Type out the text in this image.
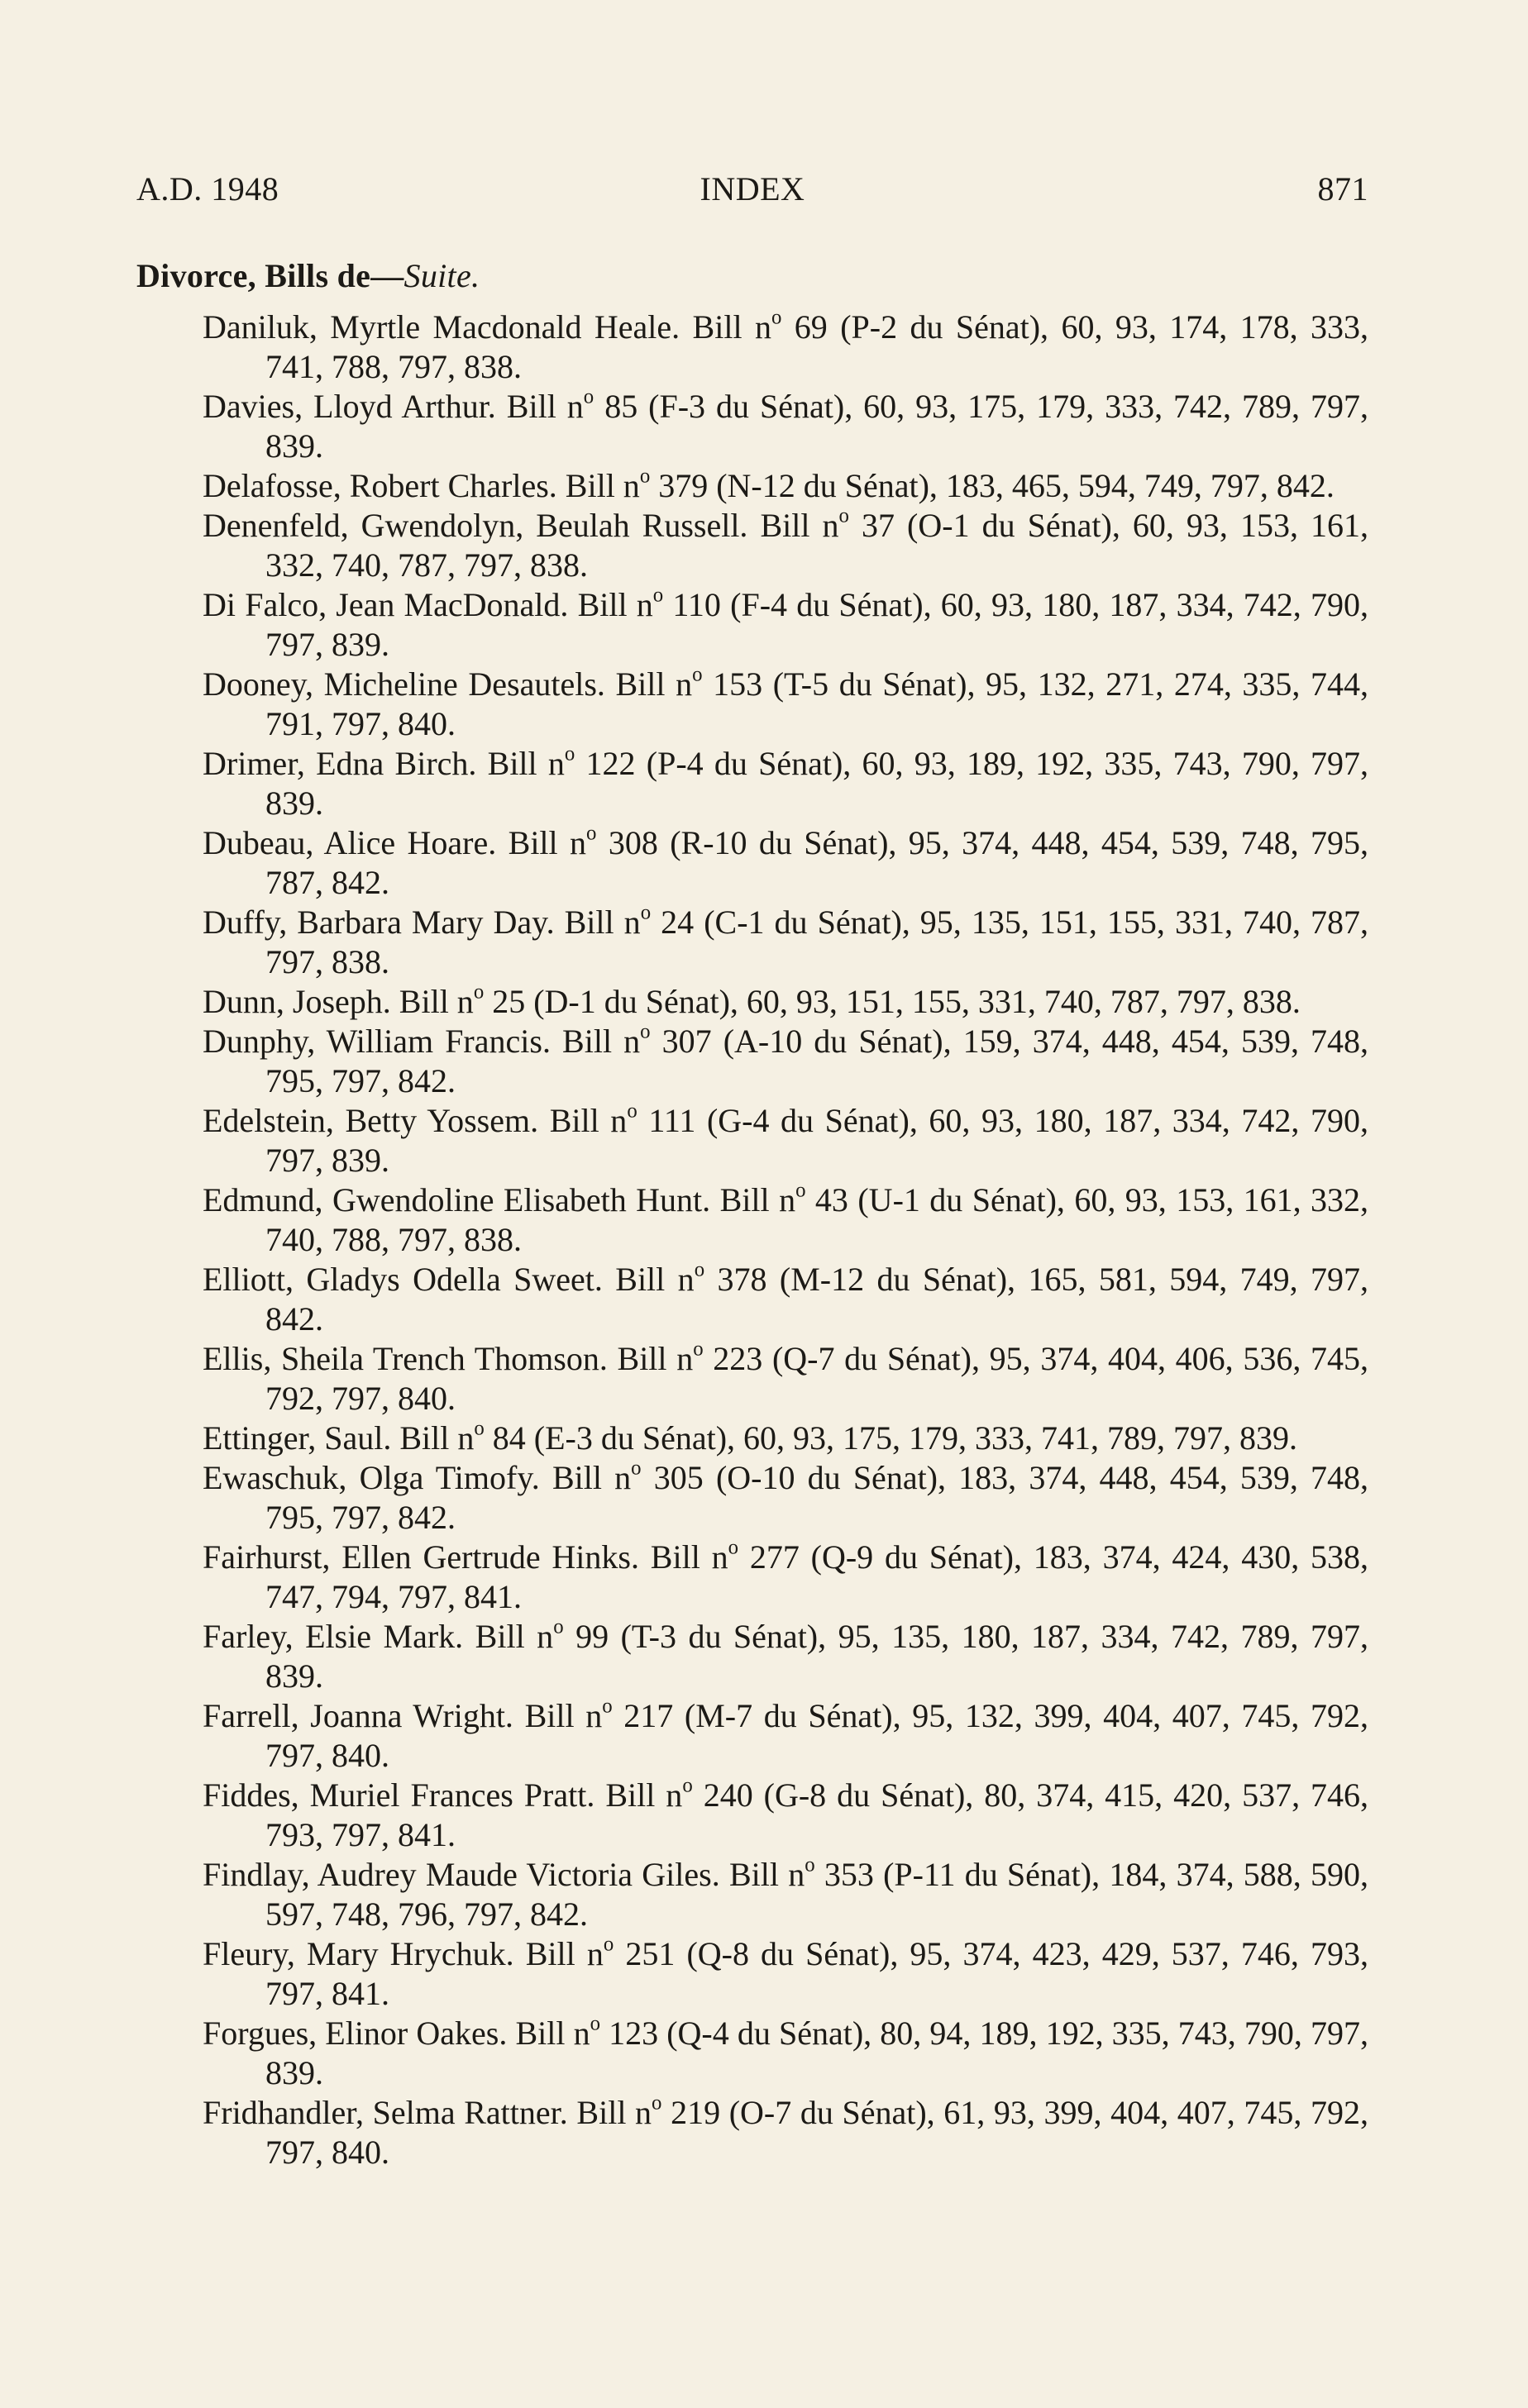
A.D. 1948	INDEX	871
Divorce, Bills de—Suite.
Daniluk, Myrtle Macdonald Heale. Bill $n^o$ 69 (P-2 du Sénat), 60, 93, 174, 178, 333, 741, 788, 797, 838.
Davies, Lloyd Arthur. Bill $n^o$ 85 (F-3 du Sénat), 60, 93, 175, 179, 333, 742, 789, 797, 839.
Delafosse, Robert Charles. Bill $n^o$ 379 (N-12 du Sénat), 183, 465, 594, 749, 797, 842.
Denenfeld, Gwendolyn, Beulah Russell. Bill $n^o$ 37 (O-1 du Sénat), 60, 93, 153, 161, 332, 740, 787, 797, 838.
Di Falco, Jean MacDonald. Bill $n^o$ 110 (F-4 du Sénat), 60, 93, 180, 187, 334, 742, 790, 797, 839.
Dooney, Micheline Desautels. Bill $n^o$ 153 (T-5 du Sénat), 95, 132, 271, 274, 335, 744, 791, 797, 840.
Drimer, Edna Birch. Bill $n^o$ 122 (P-4 du Sénat), 60, 93, 189, 192, 335, 743, 790, 797, 839.
Dubeau, Alice Hoare. Bill $n^o$ 308 (R-10 du Sénat), 95, 374, 448, 454, 539, 748, 795, 787, 842.
Duffy, Barbara Mary Day. Bill $n^o$ 24 (C-1 du Sénat), 95, 135, 151, 155, 331, 740, 787, 797, 838.
Dunn, Joseph. Bill $n^o$ 25 (D-1 du Sénat), 60, 93, 151, 155, 331, 740, 787, 797, 838.
Dunphy, William Francis. Bill $n^o$ 307 (A-10 du Sénat), 159, 374, 448, 454, 539, 748, 795, 797, 842.
Edelstein, Betty Yossem. Bill $n^o$ 111 (G-4 du Sénat), 60, 93, 180, 187, 334, 742, 790, 797, 839.
Edmund, Gwendoline Elisabeth Hunt. Bill $n^o$ 43 (U-1 du Sénat), 60, 93, 153, 161, 332, 740, 788, 797, 838.
Elliott, Gladys Odella Sweet. Bill $n^o$ 378 (M-12 du Sénat), 165, 581, 594, 749, 797, 842.
Ellis, Sheila Trench Thomson. Bill $n^o$ 223 (Q-7 du Sénat), 95, 374, 404, 406, 536, 745, 792, 797, 840.
Ettinger, Saul. Bill $n^o$ 84 (E-3 du Sénat), 60, 93, 175, 179, 333, 741, 789, 797, 839.
Ewaschuk, Olga Timofy. Bill $n^o$ 305 (O-10 du Sénat), 183, 374, 448, 454, 539, 748, 795, 797, 842.
Fairhurst, Ellen Gertrude Hinks. Bill $n^o$ 277 (Q-9 du Sénat), 183, 374, 424, 430, 538, 747, 794, 797, 841.
Farley, Elsie Mark. Bill $n^o$ 99 (T-3 du Sénat), 95, 135, 180, 187, 334, 742, 789, 797, 839.
Farrell, Joanna Wright. Bill $n^o$ 217 (M-7 du Sénat), 95, 132, 399, 404, 407, 745, 792, 797, 840.
Fiddes, Muriel Frances Pratt. Bill $n^o$ 240 (G-8 du Sénat), 80, 374, 415, 420, 537, 746, 793, 797, 841.
Findlay, Audrey Maude Victoria Giles. Bill $n^o$ 353 (P-11 du Sénat), 184, 374, 588, 590, 597, 748, 796, 797, 842.
Fleury, Mary Hrychuk. Bill $n^o$ 251 (Q-8 du Sénat), 95, 374, 423, 429, 537, 746, 793, 797, 841.
Forgues, Elinor Oakes. Bill $n^o$ 123 (Q-4 du Sénat), 80, 94, 189, 192, 335, 743, 790, 797, 839.
Fridhandler, Selma Rattner. Bill $n^o$ 219 (O-7 du Sénat), 61, 93, 399, 404, 407, 745, 792, 797, 840.
